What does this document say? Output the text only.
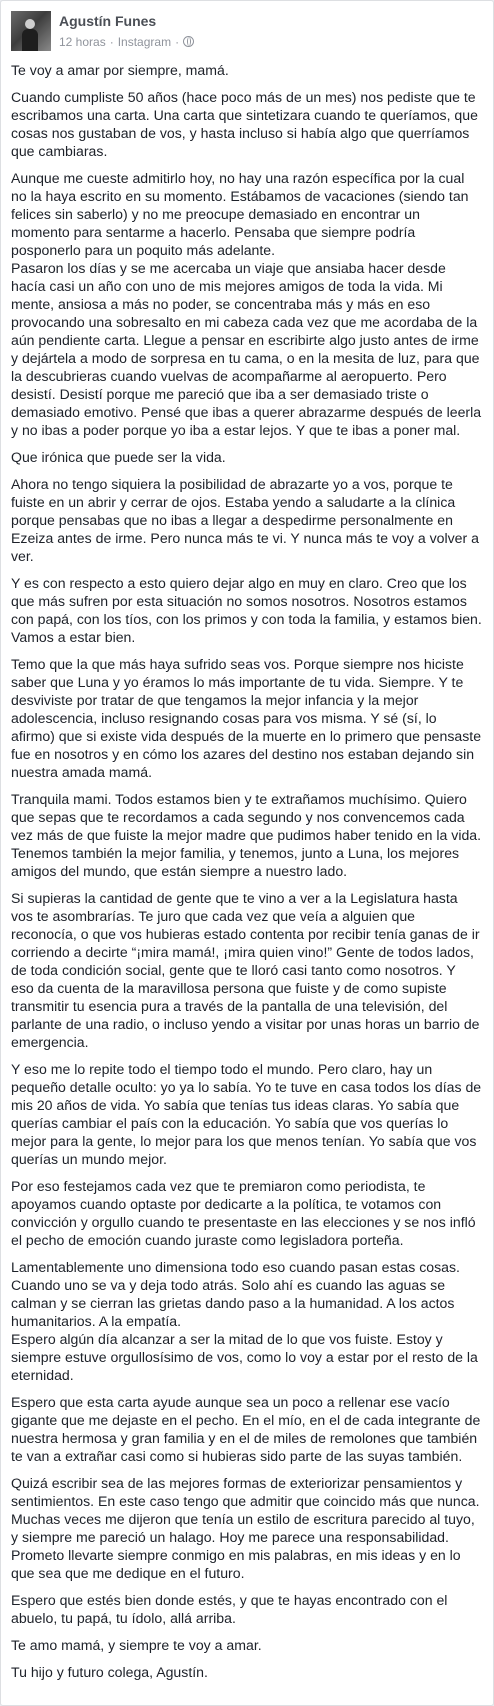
Agustín Funes
12 horas · Instagram ·

Te voy a amar por siempre, mamá.

Cuando cumpliste 50 años (hace poco más de un mes) nos pediste que te escribamos una carta. Una carta que sintetizara cuando te queríamos, que cosas nos gustaban de vos, y hasta incluso si había algo que querríamos que cambiaras.

Aunque me cueste admitirlo hoy, no hay una razón específica por la cual no la haya escrito en su momento. Estábamos de vacaciones (siendo tan felices sin saberlo) y no me preocupe demasiado en encontrar un momento para sentarme a hacerlo. Pensaba que siempre podría posponerlo para un poquito más adelante.
Pasaron los días y se me acercaba un viaje que ansiaba hacer desde hacía casi un año con uno de mis mejores amigos de toda la vida. Mi mente, ansiosa a más no poder, se concentraba más y más en eso provocando una sobresalto en mi cabeza cada vez que me acordaba de la aún pendiente carta. Llegue a pensar en escribirte algo justo antes de irme y dejártela a modo de sorpresa en tu cama, o en la mesita de luz, para que la descubrieras cuando vuelvas de acompañarme al aeropuerto. Pero desistí. Desistí porque me pareció que iba a ser demasiado triste o demasiado emotivo. Pensé que ibas a querer abrazarme después de leerla y no ibas a poder porque yo iba a estar lejos. Y que te ibas a poner mal.

Que irónica que puede ser la vida.

Ahora no tengo siquiera la posibilidad de abrazarte yo a vos, porque te fuiste en un abrir y cerrar de ojos. Estaba yendo a saludarte a la clínica porque pensabas que no ibas a llegar a despedirme personalmente en Ezeiza antes de irme. Pero nunca más te vi. Y nunca más te voy a volver a ver.

Y es con respecto a esto quiero dejar algo en muy en claro. Creo que los que más sufren por esta situación no somos nosotros. Nosotros estamos con papá, con los tíos, con los primos y con toda la familia, y estamos bien. Vamos a estar bien.

Temo que la que más haya sufrido seas vos. Porque siempre nos hiciste saber que Luna y yo éramos lo más importante de tu vida. Siempre. Y te desviviste por tratar de que tengamos la mejor infancia y la mejor adolescencia, incluso resignando cosas para vos misma. Y sé (sí, lo afirmo) que si existe vida después de la muerte en lo primero que pensaste fue en nosotros y en cómo los azares del destino nos estaban dejando sin nuestra amada mamá.

Tranquila mami. Todos estamos bien y te extrañamos muchísimo. Quiero que sepas que te recordamos a cada segundo y nos convencemos cada vez más de que fuiste la mejor madre que pudimos haber tenido en la vida. Tenemos también la mejor familia, y tenemos, junto a Luna, los mejores amigos del mundo, que están siempre a nuestro lado.

Si supieras la cantidad de gente que te vino a ver a la Legislatura hasta vos te asombrarías. Te juro que cada vez que veía a alguien que reconocía, o que vos hubieras estado contenta por recibir tenía ganas de ir corriendo a decirte “¡mira mamá!, ¡mira quien vino!” Gente de todos lados, de toda condición social, gente que te lloró casi tanto como nosotros. Y eso da cuenta de la maravillosa persona que fuiste y de como supiste transmitir tu esencia pura a través de la pantalla de una televisión, del parlante de una radio, o incluso yendo a visitar por unas horas un barrio de emergencia.

Y eso me lo repite todo el tiempo todo el mundo. Pero claro, hay un pequeño detalle oculto: yo ya lo sabía. Yo te tuve en casa todos los días de mis 20 años de vida. Yo sabía que tenías tus ideas claras. Yo sabía que querías cambiar el país con la educación. Yo sabía que vos querías lo mejor para la gente, lo mejor para los que menos tenían. Yo sabía que vos querías un mundo mejor.

Por eso festejamos cada vez que te premiaron como periodista, te apoyamos cuando optaste por dedicarte a la política, te votamos con convicción y orgullo cuando te presentaste en las elecciones y se nos infló el pecho de emoción cuando juraste como legisladora porteña.

Lamentablemente uno dimensiona todo eso cuando pasan estas cosas. Cuando uno se va y deja todo atrás. Solo ahí es cuando las aguas se calman y se cierran las grietas dando paso a la humanidad. A los actos humanitarios. A la empatía.
Espero algún día alcanzar a ser la mitad de lo que vos fuiste. Estoy y siempre estuve orgullosísimo de vos, como lo voy a estar por el resto de la eternidad.

Espero que esta carta ayude aunque sea un poco a rellenar ese vacío gigante que me dejaste en el pecho. En el mío, en el de cada integrante de nuestra hermosa y gran familia y en el de miles de remolones que también te van a extrañar casi como si hubieras sido parte de las suyas también.

Quizá escribir sea de las mejores formas de exteriorizar pensamientos y sentimientos. En este caso tengo que admitir que coincido más que nunca. Muchas veces me dijeron que tenía un estilo de escritura parecido al tuyo, y siempre me pareció un halago. Hoy me parece una responsabilidad. Prometo llevarte siempre conmigo en mis palabras, en mis ideas y en lo que sea que me dedique en el futuro.

Espero que estés bien donde estés, y que te hayas encontrado con el abuelo, tu papá, tu ídolo, allá arriba.

Te amo mamá, y siempre te voy a amar.

Tu hijo y futuro colega, Agustín.
